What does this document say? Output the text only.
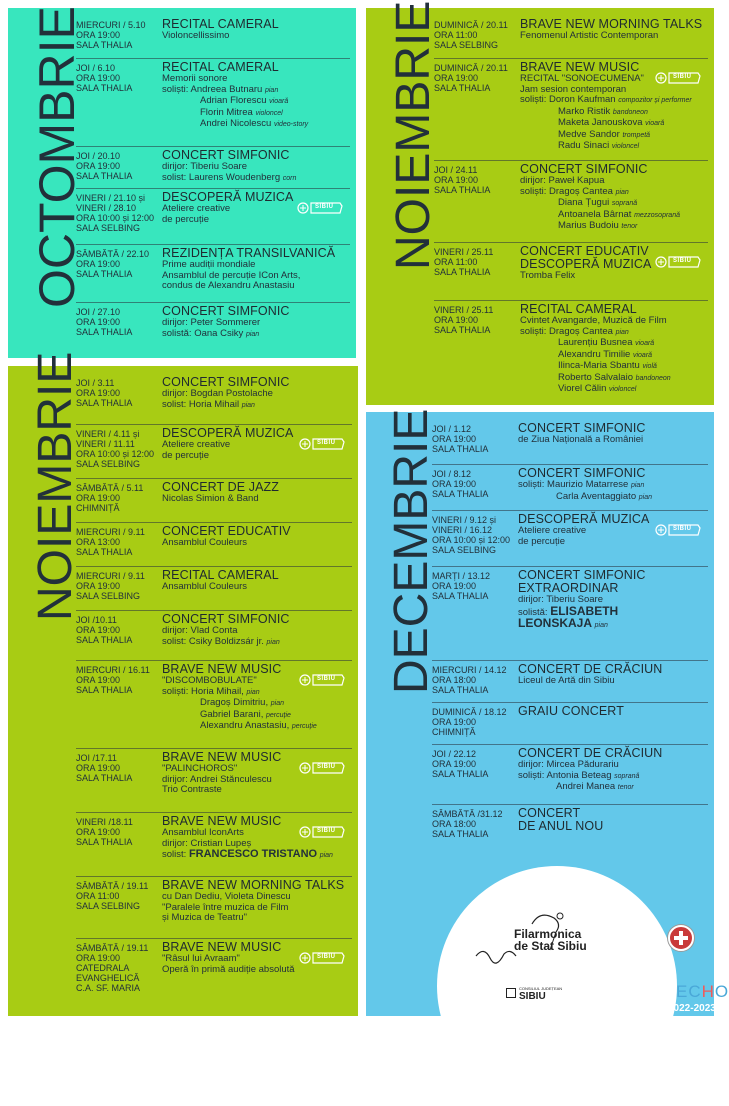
OCTOMBRIE
MIERCURI / 5.10
ORA 19:00
SALA THALIA
RECITAL CAMERAL
Violoncellissimo
JOI / 6.10
ORA 19:00
SALA THALIA
RECITAL CAMERAL
Memorii sonore
soliști: Andreea Butnaru pian
Adrian Florescu vioară
Florin Mitrea violoncel
Andrei Nicolescu video-story
JOI / 20.10
ORA 19:00
SALA THALIA
CONCERT SIMFONIC
dirijor: Tiberiu Soare
solist: Laurens Woudenberg corn
VINERI / 21.10 și
VINERI / 28.10
ORA 10:00 și 12:00
SALA SELBING
DESCOPERĂ MUZICA
Ateliere creative
de percuție
SIBIU
SÂMBĂTĂ / 22.10
ORA 19:00
SALA THALIA
REZIDENȚA TRANSILVANICĂ
Prime audiții mondiale
Ansamblul de percuție ICon Arts,
condus de Alexandru Anastasiu
JOI / 27.10
ORA 19:00
SALA THALIA
CONCERT SIMFONIC
dirijor: Peter Sommerer
solistă: Oana Csiky pian
NOIEMBRIE
DUMINICĂ / 20.11
ORA 11:00
SALA SELBING
BRAVE NEW MORNING TALKS
Fenomenul Artistic Contemporan
DUMINICĂ / 20.11
ORA 19:00
SALA THALIA
BRAVE NEW MUSIC
RECITAL "SONOECUMENA"
Jam sesion contemporan
soliști: Doron Kaufman compozitor și performer
Marko Ristik bandoneon
Maketa Janouskova vioară
Medve Sandor trompetă
Radu Sinaci violoncel
SIBIU
JOI / 24.11
ORA 19:00
SALA THALIA
CONCERT SIMFONIC
dirijor: Paweł Kapua
soliști: Dragoș Cantea pian
Diana Țugui soprană
Antoanela Bârnat mezzosoprană
Marius Budoiu tenor
VINERI / 25.11
ORA 11:00
SALA THALIA
CONCERT EDUCATIV
DESCOPERĂ MUZICA
Tromba Felix
SIBIU
VINERI / 25.11
ORA 19:00
SALA THALIA
RECITAL CAMERAL
Cvintet Avangarde, Muzică de Film
soliști: Dragoș Cantea pian
Laurențiu Busnea vioară
Alexandru Timilie vioară
Ilinca-Maria Sbantu violă
Roberto Salvalaio bandoneon
Viorel Călin violoncel
NOIEMBRIE
JOI / 3.11
ORA 19:00
SALA THALIA
CONCERT SIMFONIC
dirijor: Bogdan Postolache
solist: Horia Mihail pian
VINERI / 4.11 și
VINERI / 11.11
ORA 10:00 și 12:00
SALA SELBING
DESCOPERĂ MUZICA
Ateliere creative
de percuție
SIBIU
SÂMBĂTĂ / 5.11
ORA 19:00
CHIMNIȚĂ
CONCERT DE JAZZ
Nicolas Simion & Band
MIERCURI / 9.11
ORA 13:00
SALA THALIA
CONCERT EDUCATIV
Ansamblul Couleurs
MIERCURI / 9.11
ORA 19:00
SALA SELBING
RECITAL CAMERAL
Ansamblul Couleurs
JOI /10.11
ORA 19:00
SALA THALIA
CONCERT SIMFONIC
dirijor: Vlad Conta
solist: Csiky Boldizsár jr. pian
MIERCURI / 16.11
ORA 19:00
SALA THALIA
BRAVE NEW MUSIC
"DISCOMBOBULATE"
soliști: Horia Mihail, pian
Dragoș Dimitriu, pian
Gabriel Barani, percuție
Alexandru Anastasiu, percuție
SIBIU
JOI /17.11
ORA 19:00
SALA THALIA
BRAVE NEW MUSIC
"PALINCHOROS"
dirijor: Andrei Stănculescu
Trio Contraste
SIBIU
VINERI /18.11
ORA 19:00
SALA THALIA
BRAVE NEW MUSIC
Ansamblul IconArts
dirijor: Cristian Lupeș
solist: FRANCESCO TRISTANO pian
SIBIU
SÂMBĂTĂ / 19.11
ORA 11:00
SALA SELBING
BRAVE NEW MORNING TALKS
cu Dan Dediu, Violeta Dinescu
"Paralele între muzica de Film
și Muzica de Teatru"
SÂMBĂTĂ / 19.11
ORA 19:00
CATEDRALA
EVANGHELICĂ
C.A. SF. MARIA
BRAVE NEW MUSIC
"Râsul lui Avraam"
Operă în primă audiție absolută
SIBIU
DECEMBRIE
JOI / 1.12
ORA 19:00
SALA THALIA
CONCERT SIMFONIC
de Ziua Națională a României
JOI / 8.12
ORA 19:00
SALA THALIA
CONCERT SIMFONIC
soliști: Maurizio Matarrese pian
Carla Aventaggiato pian
VINERI / 9.12 și
VINERI / 16.12
ORA 10:00 și 12:00
SALA SELBING
DESCOPERĂ MUZICA
Ateliere creative
de percuție
SIBIU
MARȚI / 13.12
ORA 19:00
SALA THALIA
CONCERT SIMFONIC
EXTRAORDINAR
dirijor: Tiberiu Soare
solistă: ELISABETH
LEONSKAJA pian
MIERCURI / 14.12
ORA 18:00
SALA THALIA
CONCERT DE CRĂCIUN
Liceul de Artă din Sibiu
DUMINICĂ / 18.12
ORA 19:00
CHIMNIȚĂ
GRAIU CONCERT
JOI / 22.12
ORA 19:00
SALA THALIA
CONCERT DE CRĂCIUN
dirijor: Mircea Pădurariu
soliști: Antonia Beteag soprană
Andrei Manea tenor
SÂMBĂTĂ /31.12
ORA 18:00
SALA THALIA
CONCERT
DE ANUL NOU
Filarmonica
de Stat Sibiu
CONSILIUL JUDEȚEAN
SIBIU	ECHO
2022-2023
